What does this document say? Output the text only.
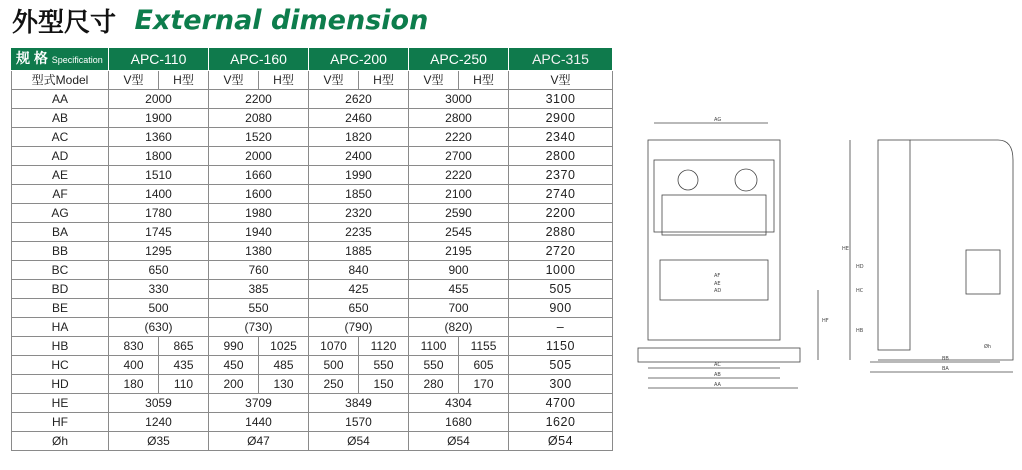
外型尺寸 External dimension
规 格 Specification	APC-110		APC-160		APC-200		APC-250		APC-315
型式Model	V型	H型	V型	H型	V型	H型	V型	H型	V型
AA	2000		2200		2620		3000		3100
AB	1900		2080		2460		2800		2900
AC	1360		1520		1820		2220		2340
AD	1800		2000		2400		2700		2800
AE	1510		1660		1990		2220		2370
AF	1400		1600		1850		2100		2740
AG	1780		1980		2320		2590		2200
BA	1745		1940		2235		2545		2880
BB	1295		1380		1885		2195		2720
BC	650		760		840		900		1000
BD	330		385		425		455		505
BE	500		550		650		700		900
HA	(630)		(730)		(790)		(820)		–
HB	830	865	990	1025	1070	1120	1100	1155	1150
HC	400	435	450	485	500	550	550	605	505
HD	180	110	200	130	250	150	280	170	300
HE	3059		3709		3849		4304		4700
HF	1240		1440		1570		1680		1620
Øh	Ø35		Ø47		Ø54		Ø54		Ø54
AG
AF
AE
AD
AC
AB
AA
HF
HE
HD
HC
HB
BB
BA
Øh
